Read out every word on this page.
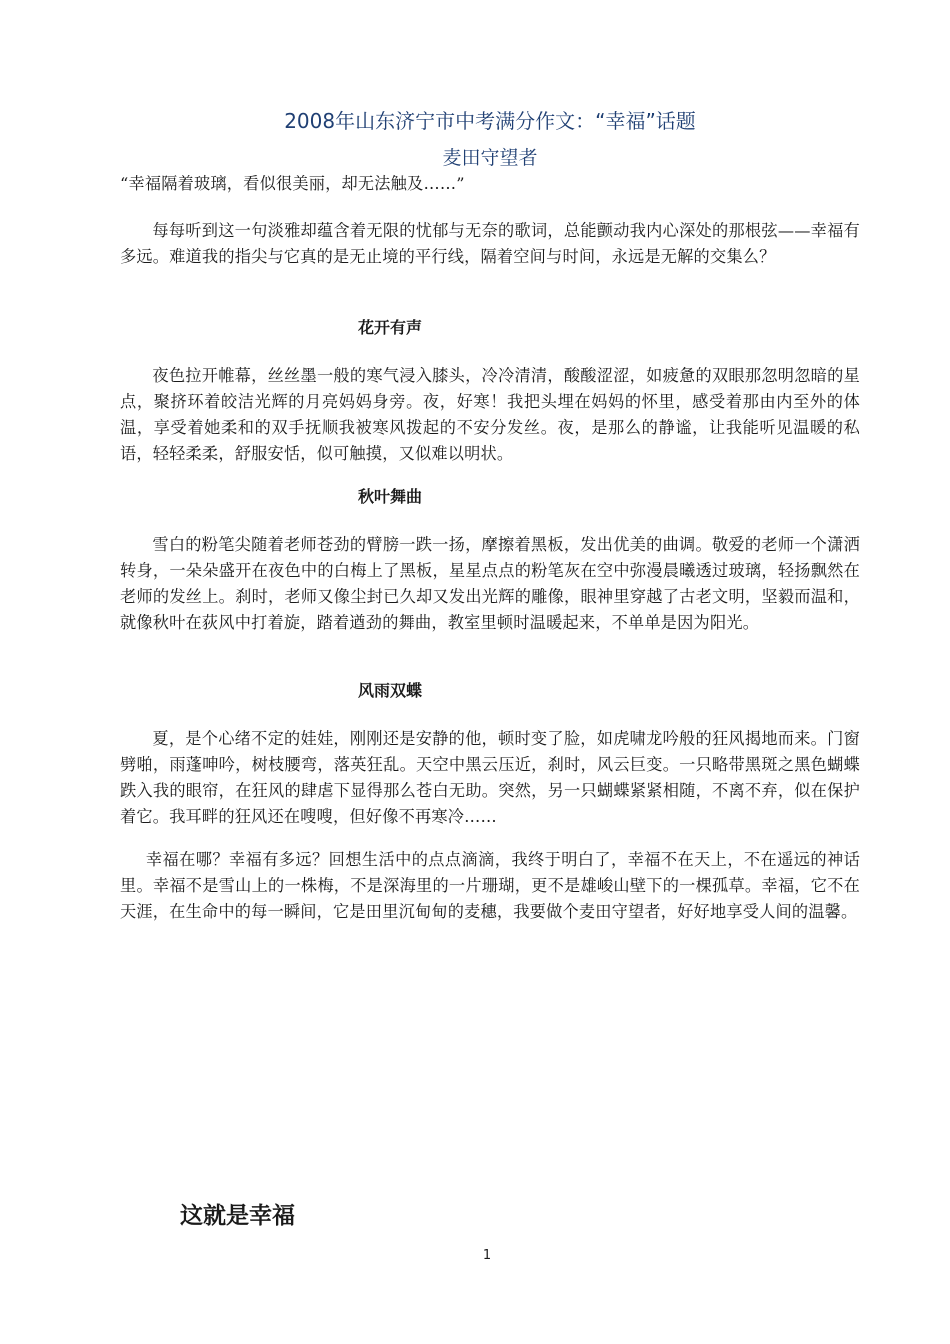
2008年山东济宁市中考满分作文：“幸福”话题
麦田守望者
“幸福隔着玻璃，看似很美丽，却无法触及……”
每每听到这一句淡雅却蕴含着无限的忧郁与无奈的歌词，总能颤动我内心深处的那根弦——幸福有多远。难道我的指尖与它真的是无止境的平行线，隔着空间与时间，永远是无解的交集么？
花开有声
夜色拉开帷幕，丝丝墨一般的寒气浸入膝头，冷冷清清，酸酸涩涩，如疲惫的双眼那忽明忽暗的星点，聚挤环着皎洁光辉的月亮妈妈身旁。夜，好寒！我把头埋在妈妈的怀里，感受着那由内至外的体温，享受着她柔和的双手抚顺我被寒风拨起的不安分发丝。夜，是那么的静谧，让我能听见温暖的私语，轻轻柔柔，舒服安恬，似可触摸，又似难以明状。
秋叶舞曲
雪白的粉笔尖随着老师苍劲的臂膀一跌一扬，摩擦着黑板，发出优美的曲调。敬爱的老师一个潇洒转身，一朵朵盛开在夜色中的白梅上了黑板，星星点点的粉笔灰在空中弥漫晨曦透过玻璃，轻扬飘然在老师的发丝上。刹时，老师又像尘封已久却又发出光辉的雕像，眼神里穿越了古老文明，坚毅而温和，就像秋叶在荻风中打着旋，踏着遒劲的舞曲，教室里顿时温暖起来，不单单是因为阳光。
风雨双蝶
夏，是个心绪不定的娃娃，刚刚还是安静的他，顿时变了脸，如虎啸龙吟般的狂风揭地而来。门窗劈啪，雨蓬呻吟，树枝腰弯，落英狂乱。天空中黑云压近，刹时，风云巨变。一只略带黑斑之黑色蝴蝶跌入我的眼帘，在狂风的肆虐下显得那么苍白无助。突然，另一只蝴蝶紧紧相随，不离不弃，似在保护着它。我耳畔的狂风还在嗖嗖，但好像不再寒冷……
幸福在哪？幸福有多远？回想生活中的点点滴滴，我终于明白了，幸福不在天上，不在遥远的神话里。幸福不是雪山上的一株梅，不是深海里的一片珊瑚，更不是雄峻山壁下的一棵孤草。幸福，它不在天涯，在生命中的每一瞬间，它是田里沉甸甸的麦穗，我要做个麦田守望者，好好地享受人间的温馨。
这就是幸福
1
